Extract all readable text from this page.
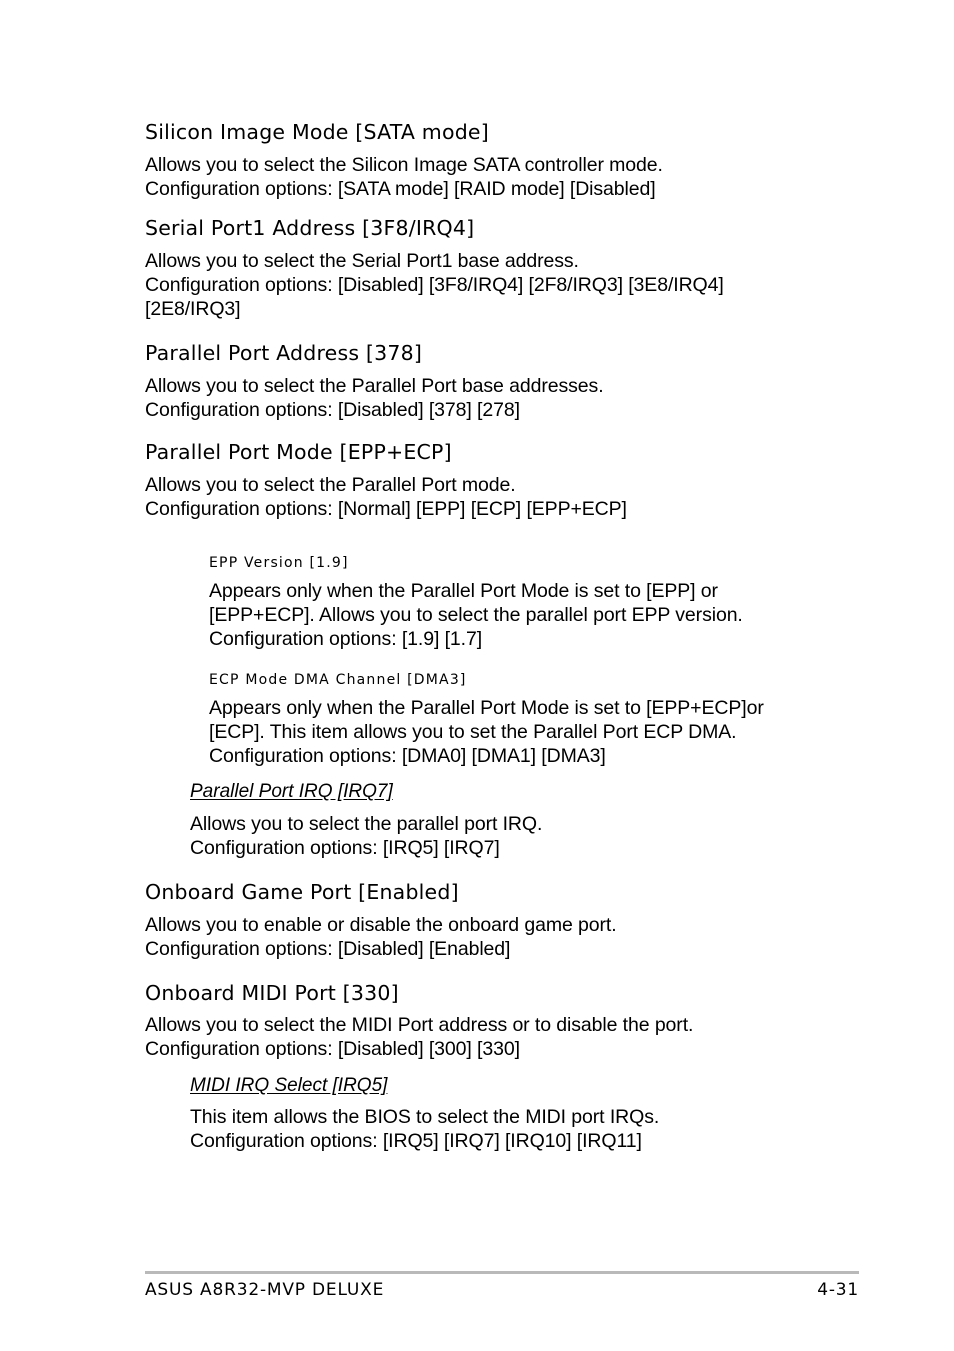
Silicon Image Mode [SATA mode]
Allows you to select the Silicon Image SATA controller mode.
Configuration options: [SATA mode] [RAID mode] [Disabled]
Serial Port1 Address [3F8/IRQ4]
Allows you to select the Serial Port1 base address.
Configuration options: [Disabled] [3F8/IRQ4] [2F8/IRQ3] [3E8/IRQ4]
[2E8/IRQ3]
Parallel Port Address [378]
Allows you to select the Parallel Port base addresses.
Configuration options: [Disabled] [378] [278]
Parallel Port Mode [EPP+ECP]
Allows you to select the Parallel Port mode.
Configuration options: [Normal] [EPP] [ECP] [EPP+ECP]
EPP Version [1.9]
Appears only when the Parallel Port Mode is set to [EPP] or
[EPP+ECP]. Allows you to select the parallel port EPP version.
Configuration options: [1.9] [1.7]
ECP Mode DMA Channel [DMA3]
Appears only when the Parallel Port Mode is set to [EPP+ECP]or
[ECP]. This item allows you to set the Parallel Port ECP DMA.
Configuration options: [DMA0] [DMA1] [DMA3]
Parallel Port IRQ [IRQ7]
Allows you to select the parallel port IRQ.
Configuration options: [IRQ5] [IRQ7]
Onboard Game Port [Enabled]
Allows you to enable or disable the onboard game port.
Configuration options: [Disabled] [Enabled]
Onboard MIDI Port [330]
Allows you to select the MIDI Port address or to disable the port.
Configuration options: [Disabled] [300] [330]
MIDI IRQ Select [IRQ5]
This item allows the BIOS to select the MIDI port IRQs.
Configuration options: [IRQ5] [IRQ7] [IRQ10] [IRQ11]
ASUS A8R32-MVP DELUXE	4-31
